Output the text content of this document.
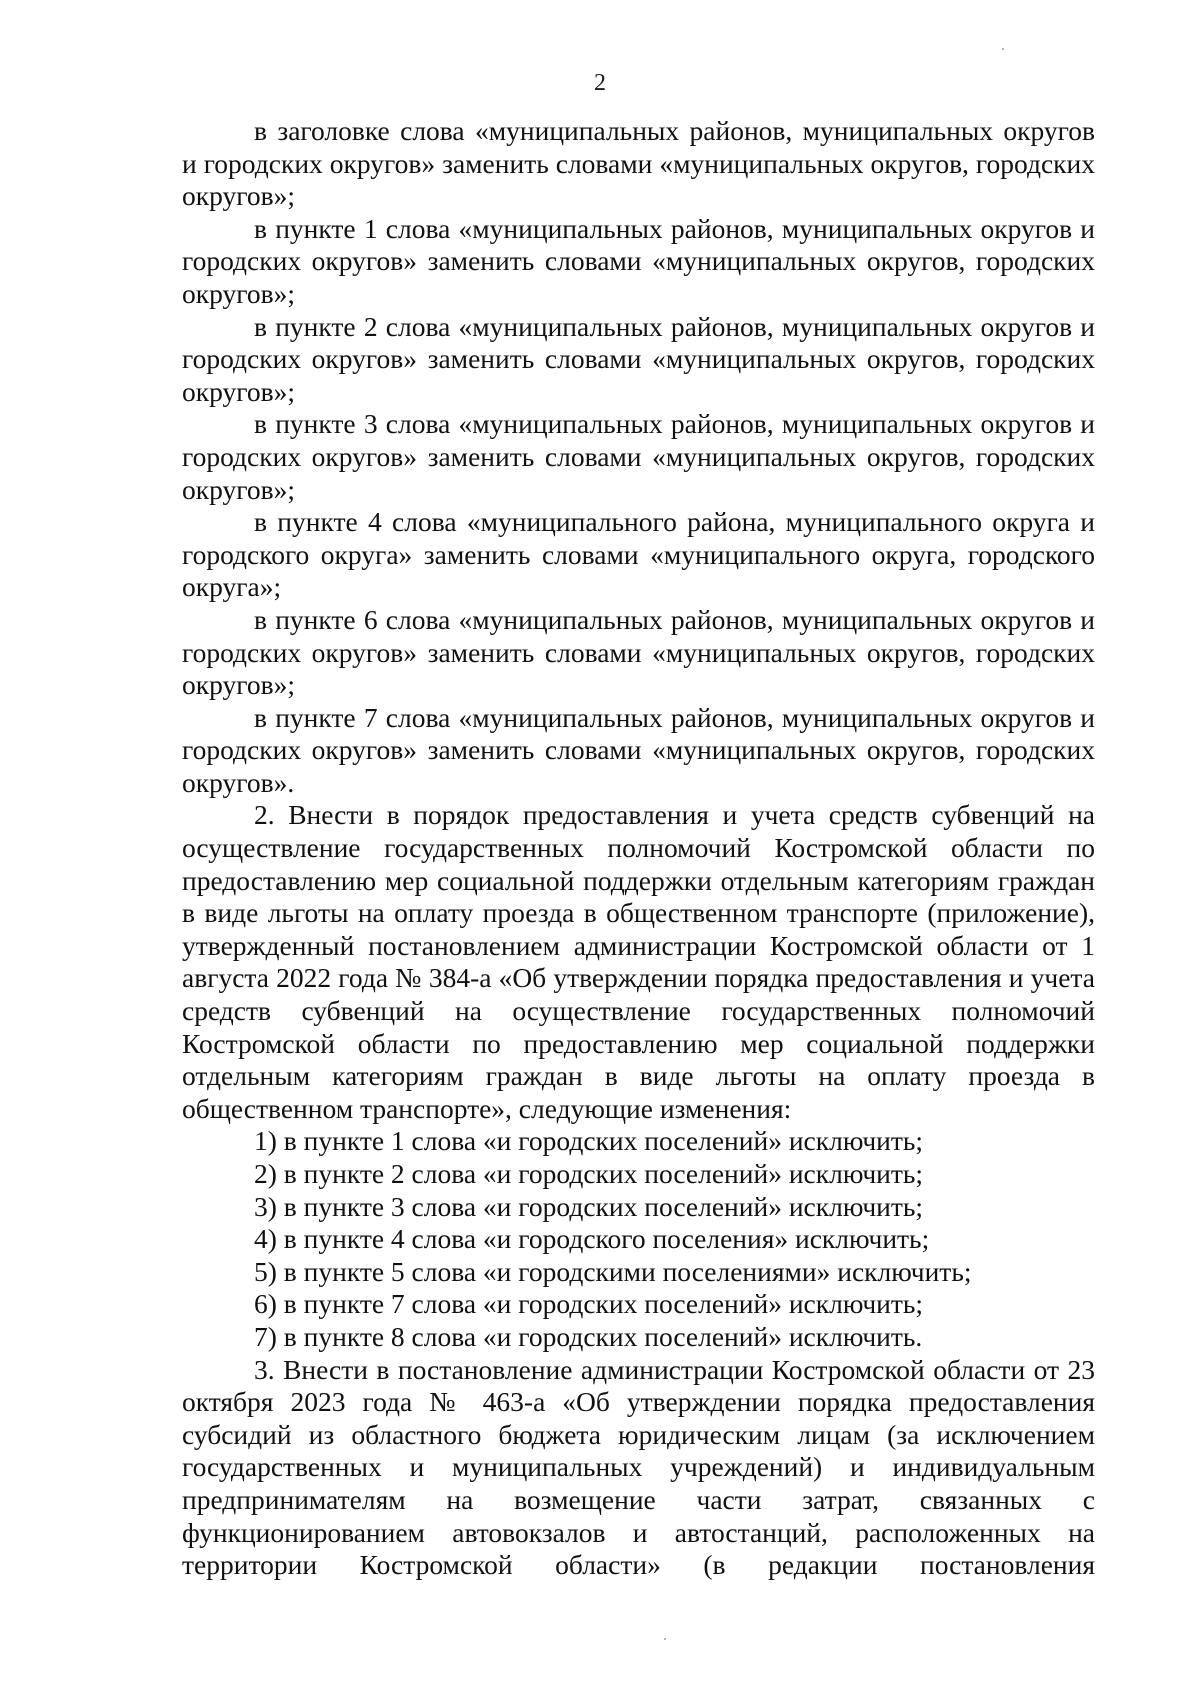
2

в заголовке слова «муниципальных районов, муниципальных округов и городских округов» заменить словами «муниципальных округов, городских округов»;

в пункте 1 слова «муниципальных районов, муниципальных округов и городских округов» заменить словами «муниципальных округов, городских округов»;

в пункте 2 слова «муниципальных районов, муниципальных округов и городских округов» заменить словами «муниципальных округов, городских округов»;

в пункте 3 слова «муниципальных районов, муниципальных округов и городских округов» заменить словами «муниципальных округов, городских округов»;

в пункте 4 слова «муниципального района, муниципального округа и городского округа» заменить словами «муниципального округа, городского округа»;

в пункте 6 слова «муниципальных районов, муниципальных округов и городских округов» заменить словами «муниципальных округов, городских округов»;

в пункте 7 слова «муниципальных районов, муниципальных округов и городских округов» заменить словами «муниципальных округов, городских округов».

2. Внести в порядок предоставления и учета средств субвенций на осуществление государственных полномочий Костромской области по предоставлению мер социальной поддержки отдельным категориям граждан в виде льготы на оплату проезда в общественном транспорте (приложение), утвержденный постановлением администрации Костромской области от 1 августа 2022 года № 384-а «Об утверждении порядка предоставления и учета средств субвенций на осуществление государственных полномочий Костромской области по предоставлению мер социальной поддержки отдельным категориям граждан в виде льготы на оплату проезда в общественном транспорте», следующие изменения:

1) в пункте 1 слова «и городских поселений» исключить;

2) в пункте 2 слова «и городских поселений» исключить;

3) в пункте 3 слова «и городских поселений» исключить;

4) в пункте 4 слова «и городского поселения» исключить;

5) в пункте 5 слова «и городскими поселениями» исключить;

6) в пункте 7 слова «и городских поселений» исключить;

7) в пункте 8 слова «и городских поселений» исключить.

3. Внести в постановление администрации Костромской области от 23 октября 2023 года № 463-а «Об утверждении порядка предоставления субсидий из областного бюджета юридическим лицам (за исключением государственных и муниципальных учреждений) и индивидуальным предпринимателям на возмещение части затрат, связанных с функционированием автовокзалов и автостанций, расположенных на территории Костромской области» (в редакции постановления
